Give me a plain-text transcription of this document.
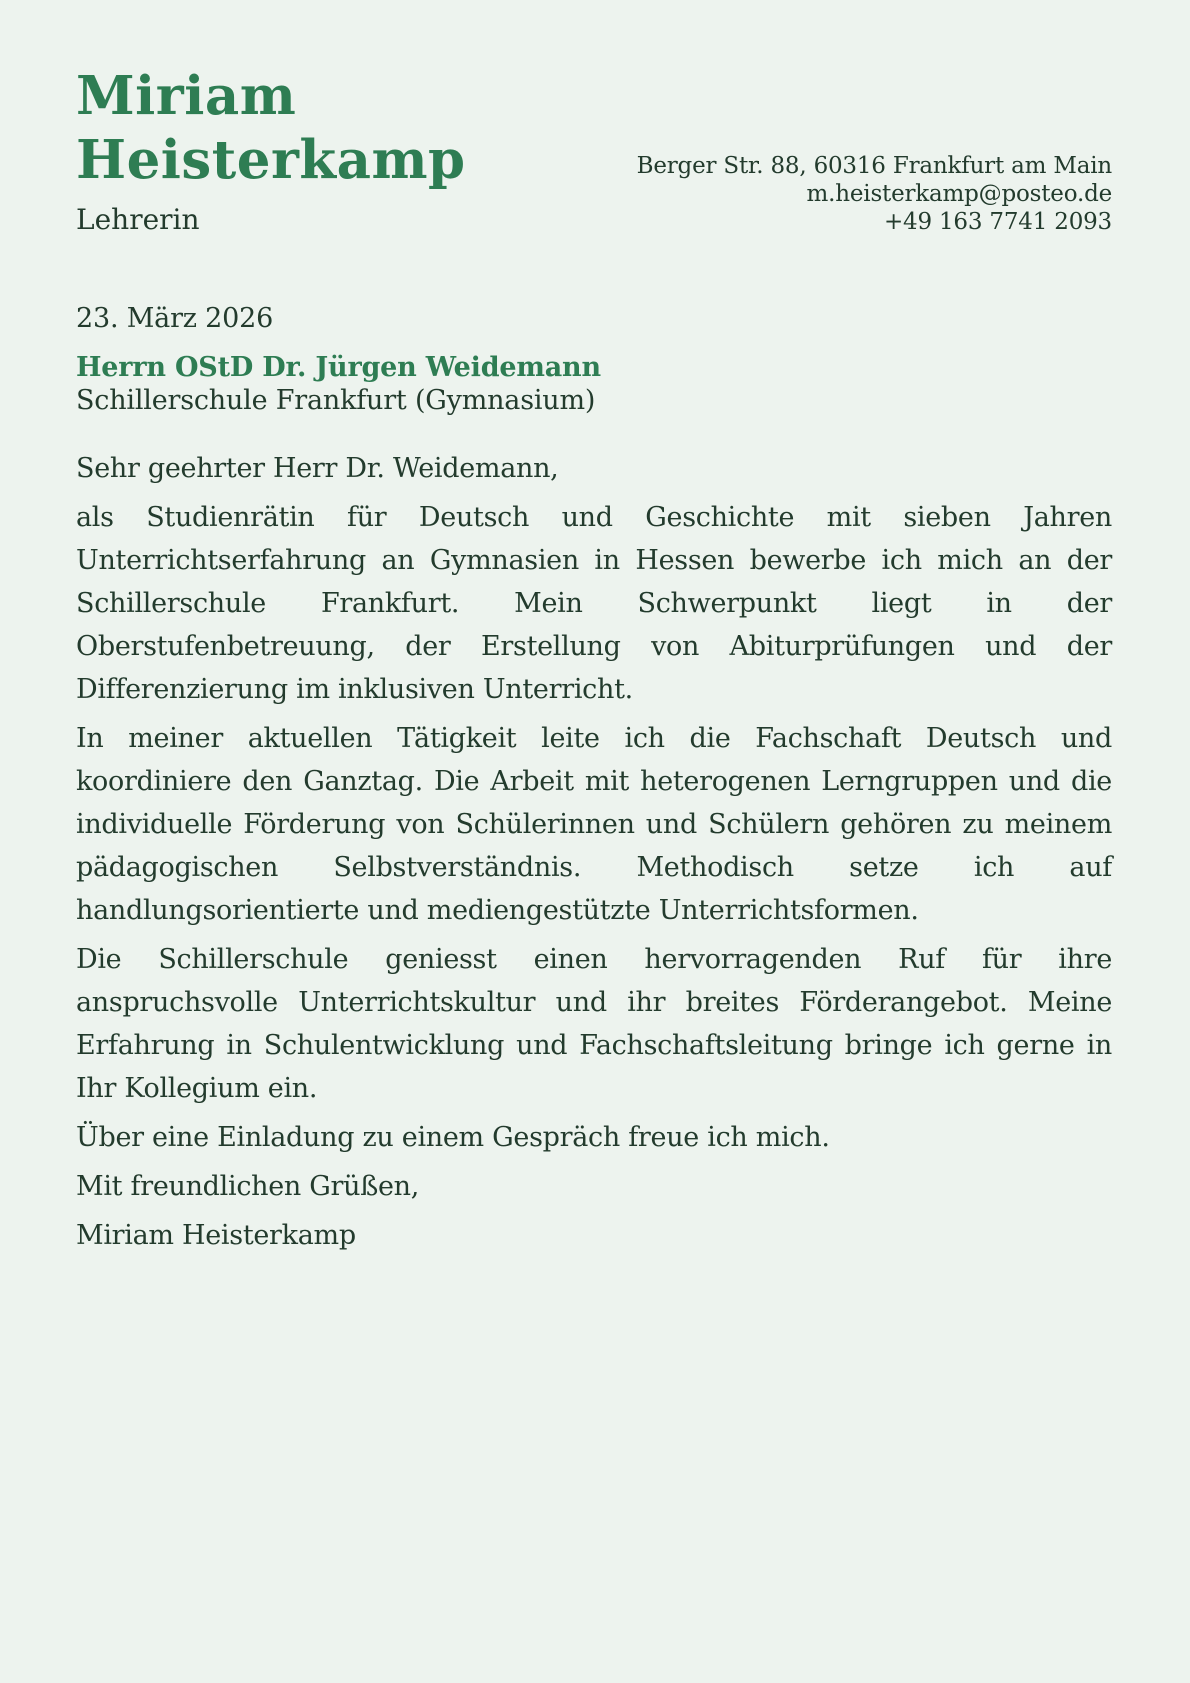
Miriam
Heisterkamp
Lehrerin
Berger Str. 88, 60316 Frankfurt am Main
m.heisterkamp@posteo.de
+49 163 7741 2093
23. März 2026
Herrn OStD Dr. Jürgen Weidemann
Schillerschule Frankfurt (Gymnasium)

Sehr geehrter Herr Dr. Weidemann,

als Studienrätin für Deutsch und Geschichte mit sieben Jahren Unterrichtserfahrung an Gymnasien in Hessen bewerbe ich mich an der Schillerschule Frankfurt. Mein Schwerpunkt liegt in der Oberstufenbetreuung, der Erstellung von Abiturprüfungen und der Differenzierung im inklusiven Unterricht.

In meiner aktuellen Tätigkeit leite ich die Fachschaft Deutsch und koordiniere den Ganztag. Die Arbeit mit heterogenen Lerngruppen und die individuelle Förderung von Schülerinnen und Schülern gehören zu meinem pädagogischen Selbstverständnis. Methodisch setze ich auf handlungsorientierte und mediengestützte Unterrichtsformen.

Die Schillerschule geniesst einen hervorragenden Ruf für ihre anspruchsvolle Unterrichtskultur und ihr breites Förderangebot. Meine Erfahrung in Schulentwicklung und Fachschaftsleitung bringe ich gerne in Ihr Kollegium ein.

Über eine Einladung zu einem Gespräch freue ich mich.

Mit freundlichen Grüßen,

Miriam Heisterkamp
